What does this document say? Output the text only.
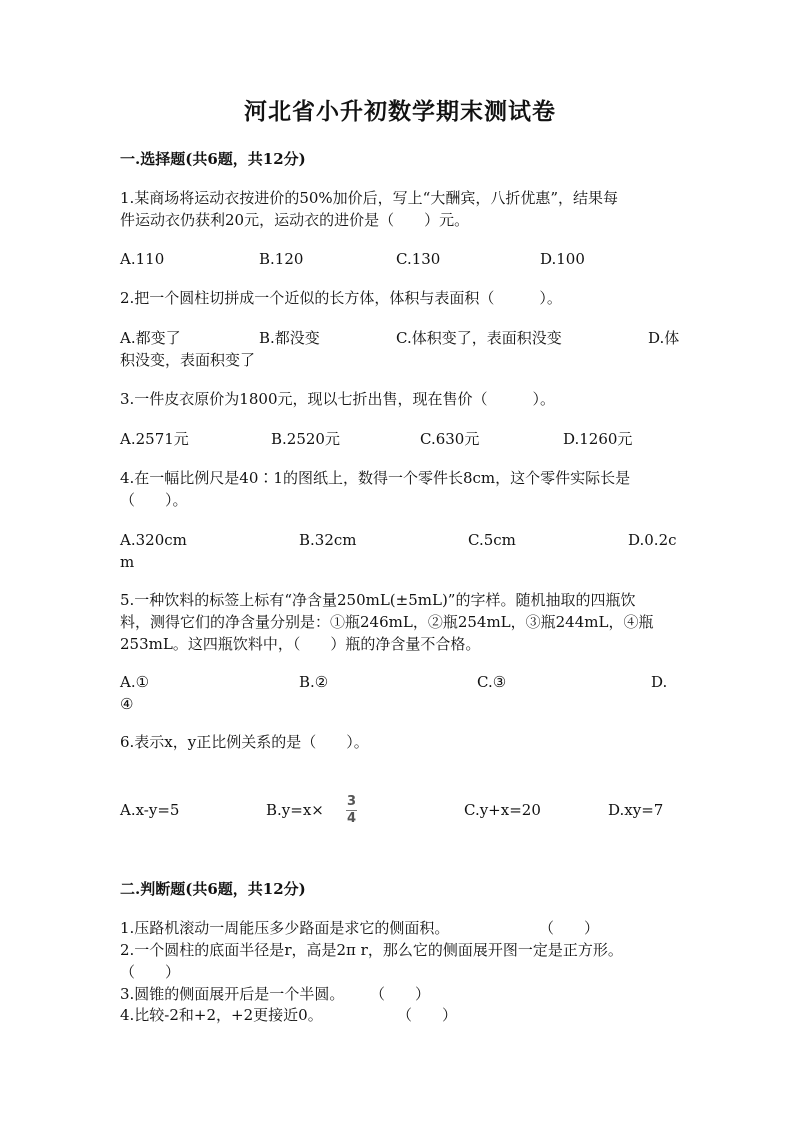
河北省小升初数学期末测试卷
一.选择题(共6题，共12分)
1.某商场将运动衣按进价的50%加价后，写上“大酬宾，八折优惠”，结果每
件运动衣仍获利20元，运动衣的进价是（　　）元。
A.110	B.120	C.130	D.100
2.把一个圆柱切拼成一个近似的长方体，体积与表面积（　　　）。
A.都变了	B.都没变	C.体积变了，表面积没变	D.体
积没变，表面积变了
3.一件皮衣原价为1800元，现以七折出售，现在售价（　　　）。
A.2571元	B.2520元	C.630元	D.1260元
4.在一幅比例尺是40∶1的图纸上，数得一个零件长8cm，这个零件实际长是
（　　）。
A.320cm	B.32cm	C.5cm	D.0.2c
m
5.一种饮料的标签上标有“净含量250mL(±5mL)”的字样。随机抽取的四瓶饮
料，测得它们的净含量分别是：①瓶246mL，②瓶254mL，③瓶244mL，④瓶
253mL。这四瓶饮料中，（　　）瓶的净含量不合格。
A.①	B.②	C.③	D.
④
6.表示x，y正比例关系的是（　　）。
A.x-y=5	B.y=x× 3
4	C.y+x=20	D.xy=7
二.判断题(共6题，共12分)
1.压路机滚动一周能压多少路面是求它的侧面积。	（　　）
2.一个圆柱的底面半径是r，高是2π r，那么它的侧面展开图一定是正方形。
（　　）
3.圆锥的侧面展开后是一个半圆。 （　　）
4.比较-2和+2，+2更接近0。	（　　）
